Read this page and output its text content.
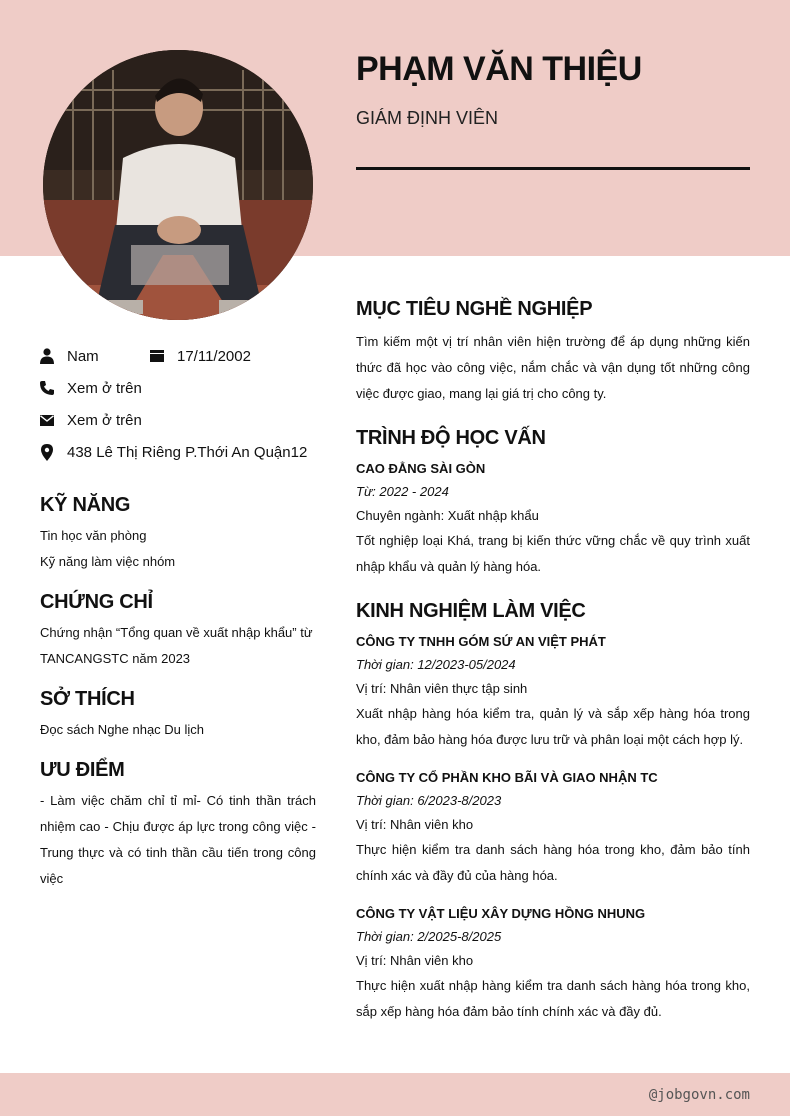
PHẠM VĂN THIỆU
GIÁM ĐỊNH VIÊN
Nam	17/11/2002
Xem ở trên
Xem ở trên
438 Lê Thị Riêng P.Thới An Quận12
KỸ NĂNG
Tin học văn phòng
Kỹ năng làm việc nhóm
CHỨNG CHỈ
Chứng nhận “Tổng quan về xuất nhập khẩu” từ TANCANGSTC năm 2023
SỞ THÍCH
Đọc sách Nghe nhạc Du lịch
ƯU ĐIỂM
- Làm việc chăm chỉ tỉ mỉ- Có tinh thần trách nhiệm cao - Chịu được áp lực trong công việc - Trung thực và có tinh thần cầu tiến trong công việc
MỤC TIÊU NGHỀ NGHIỆP
Tìm kiếm một vị trí nhân viên hiện trường để áp dụng những kiến thức đã học vào công việc, nắm chắc và vận dụng tốt những công việc được giao, mang lại giá trị cho công ty.
TRÌNH ĐỘ HỌC VẤN
CAO ĐẲNG SÀI GÒN
Từ: 2022 - 2024
Chuyên ngành: Xuất nhập khẩu
Tốt nghiệp loại Khá, trang bị kiến thức vững chắc về quy trình xuất nhập khẩu và quản lý hàng hóa.
KINH NGHIỆM LÀM VIỆC
CÔNG TY TNHH GÓM SỨ AN VIỆT PHÁT
Thời gian: 12/2023-05/2024
Vị trí: Nhân viên thực tập sinh
Xuất nhập hàng hóa kiểm tra, quản lý và sắp xếp hàng hóa trong kho, đảm bảo hàng hóa được lưu trữ và phân loại một cách hợp lý.
CÔNG TY CỔ PHẦN KHO BÃI VÀ GIAO NHẬN TC
Thời gian: 6/2023-8/2023
Vị trí: Nhân viên kho
Thực hiện kiểm tra danh sách hàng hóa trong kho, đảm bảo tính chính xác và đầy đủ của hàng hóa.
CÔNG TY VẬT LIỆU XÂY DỰNG HỒNG NHUNG
Thời gian: 2/2025-8/2025
Vị trí: Nhân viên kho
Thực hiện xuất nhập hàng kiểm tra danh sách hàng hóa trong kho, sắp xếp hàng hóa đảm bảo tính chính xác và đầy đủ.
@jobgovn.com
